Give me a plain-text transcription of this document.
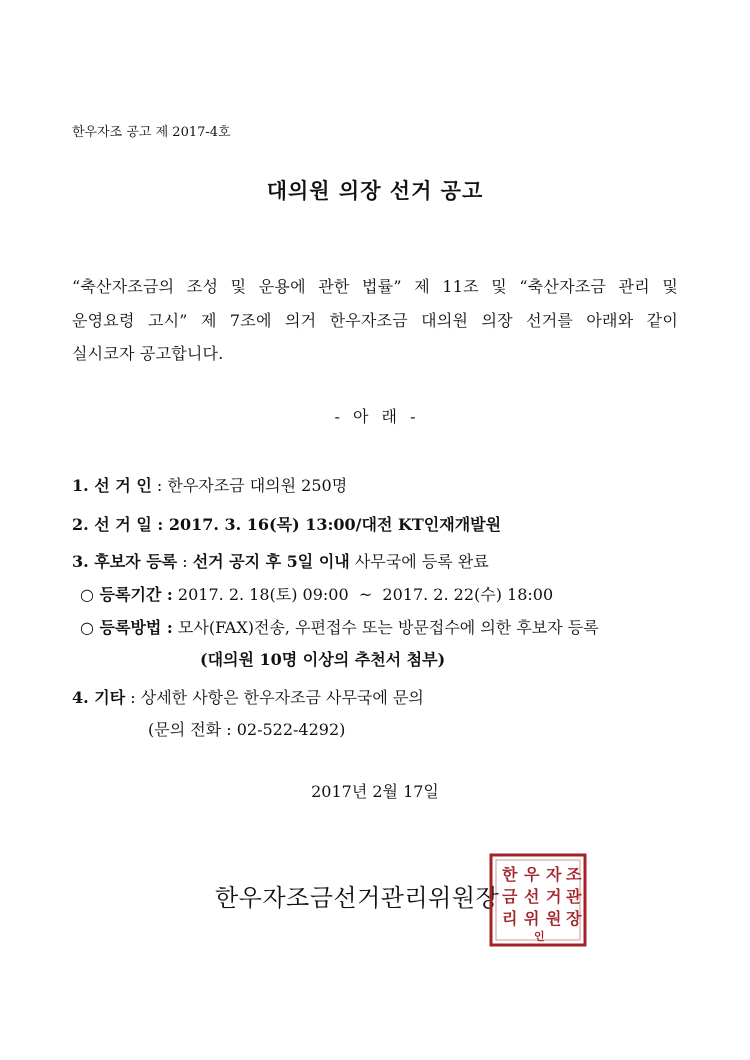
한우자조 공고 제 2017-4호
대의원 의장 선거 공고
“축산자조금의 조성 및 운용에 관한 법률” 제 11조 및 “축산자조금 관리 및
운영요령 고시” 제 7조에 의거 한우자조금 대의원 의장 선거를 아래와 같이
실시코자 공고합니다.
- 아 래 -
1. 선 거 인 : 한우자조금 대의원 250명
2. 선 거 일 : 2017. 3. 16(목) 13:00/대전 KT인재개발원
3. 후보자 등록 : 선거 공지 후 5일 이내 사무국에 등록 완료
○ 등록기간 : 2017. 2. 18(토) 09:00  ~  2017. 2. 22(수) 18:00
○ 등록방법 : 모사(FAX)전송, 우편접수 또는 방문접수에 의한 후보자 등록
(대의원 10명 이상의 추천서 첨부)
4. 기타 : 상세한 사항은 한우자조금 사무국에 문의
(문의 전화 : 02-522-4292)
2017년 2월 17일
한우자조금선거관리위원장
한 우 자 조
금 선 거 관
리 위 원 장
인
